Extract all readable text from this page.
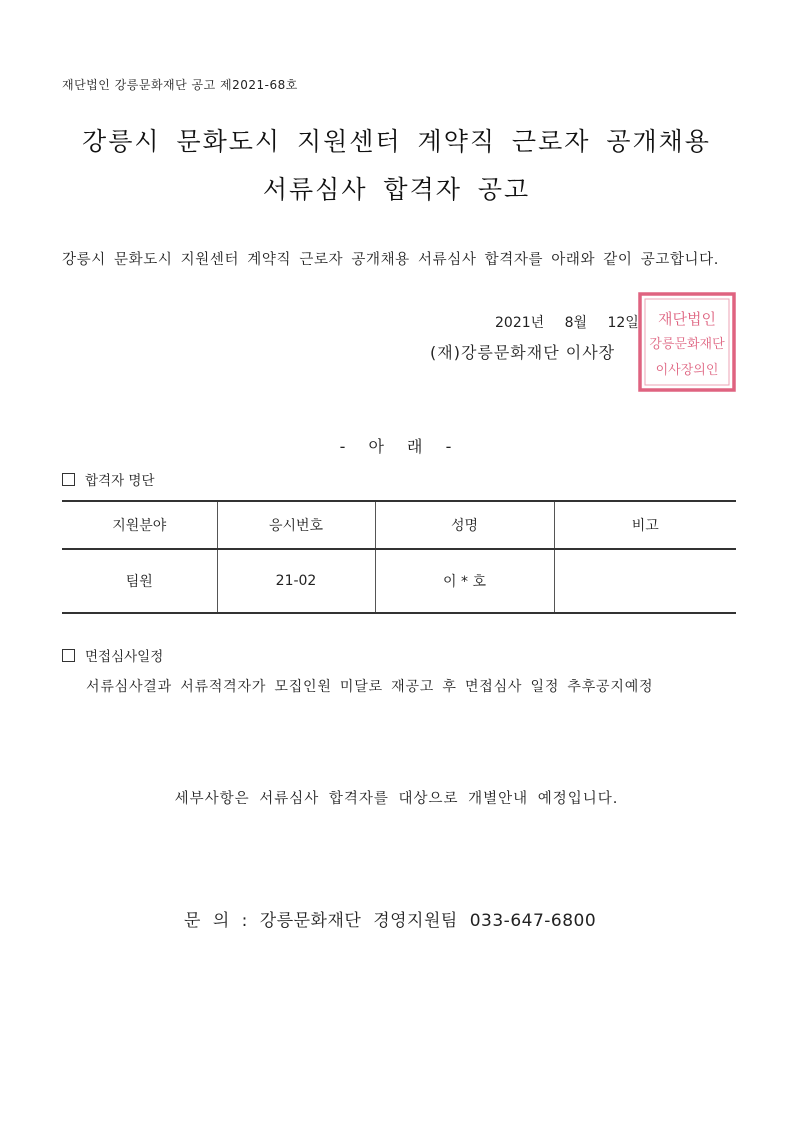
재단법인 강릉문화재단 공고 제2021-68호
강릉시 문화도시 지원센터 계약직 근로자 공개채용
서류심사 합격자 공고
강릉시 문화도시 지원센터 계약직 근로자 공개채용 서류심사 합격자를 아래와 같이 공고합니다.
2021년 8월 12일
(재)강릉문화재단 이사장
재단법인
강릉문화재단
이사장의인
- 아 래 -
합격자 명단
지원분야	응시번호	성명	비고
팀원	21-02	이 * 호	
면접심사일정
서류심사결과 서류적격자가 모집인원 미달로 재공고 후 면접심사 일정 추후공지예정
세부사항은 서류심사 합격자를 대상으로 개별안내 예정입니다.
문 의 : 강릉문화재단 경영지원팀 033-647-6800
